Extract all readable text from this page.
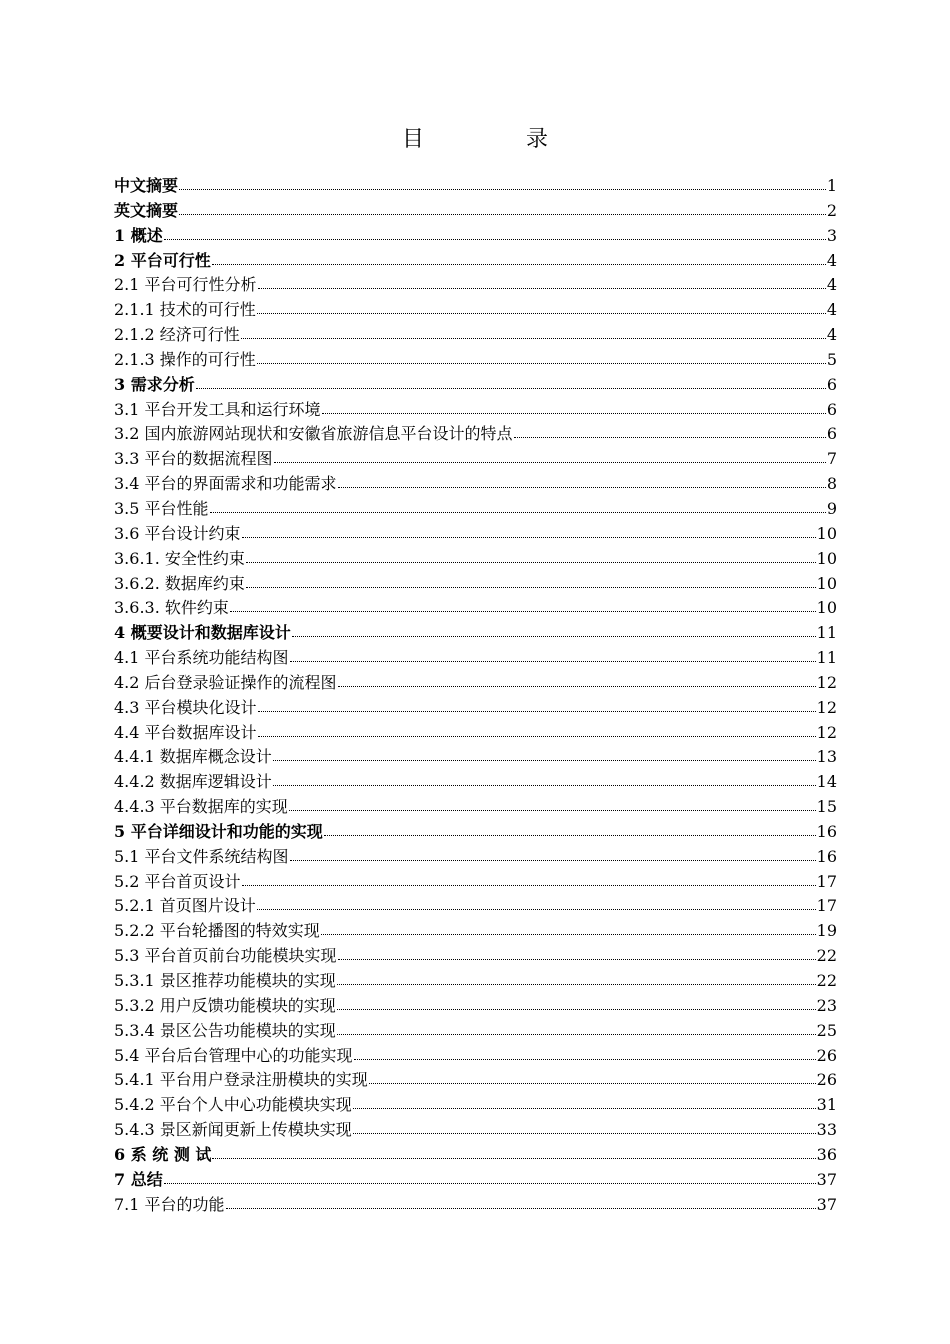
目　录
中文摘要	1
英文摘要	2
1 概述	3
2 平台可行性	4
2.1 平台可行性分析	4
2.1.1 技术的可行性	4
2.1.2 经济可行性	4
2.1.3 操作的可行性	5
3 需求分析	6
3.1 平台开发工具和运行环境	6
3.2 国内旅游网站现状和安徽省旅游信息平台设计的特点	6
3.3 平台的数据流程图	7
3.4 平台的界面需求和功能需求	8
3.5 平台性能	9
3.6 平台设计约束	10
3.6.1. 安全性约束	10
3.6.2. 数据库约束	10
3.6.3. 软件约束	10
4 概要设计和数据库设计	11
4.1 平台系统功能结构图	11
4.2 后台登录验证操作的流程图	12
4.3 平台模块化设计	12
4.4 平台数据库设计	12
4.4.1 数据库概念设计	13
4.4.2 数据库逻辑设计	14
4.4.3 平台数据库的实现	15
5 平台详细设计和功能的实现	16
5.1 平台文件系统结构图	16
5.2 平台首页设计	17
5.2.1 首页图片设计	17
5.2.2 平台轮播图的特效实现	19
5.3 平台首页前台功能模块实现	22
5.3.1 景区推荐功能模块的实现	22
5.3.2 用户反馈功能模块的实现	23
5.3.4 景区公告功能模块的实现	25
5.4 平台后台管理中心的功能实现	26
5.4.1 平台用户登录注册模块的实现	26
5.4.2 平台个人中心功能模块实现	31
5.4.3 景区新闻更新上传模块实现	33
6 系 统 测 试	36
7 总结	37
7.1 平台的功能	37
